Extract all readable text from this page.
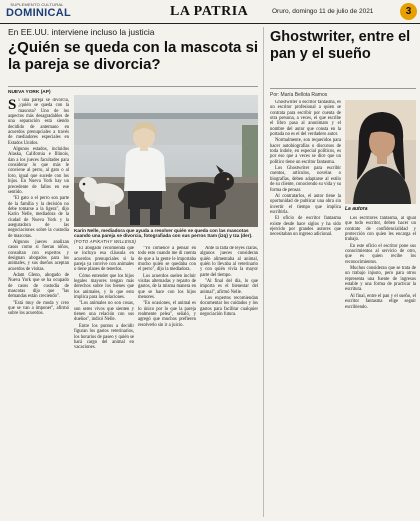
SUPLEMENTO CULTURAL
DOMINICAL	LA PATRIA	Oruro, domingo 11 de julio de 2021	3
En EE.UU. interviene incluso la justicia
¿Quién se queda con la mascota si la pareja se divorcia?
NUEVA YORK (AP)
S i una pareja se divorcia, ¿quién se queda con la mascota? Uno de los aspectos más desagradables de una separación está siendo decidido de antemano en acuerdos prenupciales a través de mediadores especiales en Estados Unidos.

Algunos estados, incluidos Alaska, California e Illinois, dan a los jueces facultades para considerar lo que más le conviene al perro, al gato o al loro, igual que sucede con los hijos. En Nueva York hay un precedente de fallos en ese sentido.

"El gato o el perro son parte de la familia y la decisión no debe tomarse a la ligera", dijo Karin Nelle, mediadora de la ciudad de Nueva York y la aseguradora de las negociaciones sobre la custodia de mascotas.

Algunos jueces analizan casos como si fueran niños, consultan con expertos y designan abogados para los animales, y sus dueños aceptan acuerdos de visitas.

Adam Glenn, abogado de Nueva York que se ha ocupado de casos de custodia de mascotas dijo que "las demandas están creciendo".

"Está muy de moda y creo que se van a imponer", afirmó sobre los acuerdos.

Karin Nelle, mediadora que ayuda a resolver quién se queda con las mascotas cuando una pareja se divorcia, fotografiada con sus perros Sam (izq) y Iza (der). (FOTO AP/KATHY WILLENS)

El abogado recomienda que se incluya esa cláusula en acuerdos prenupciales si la pareja ya convive con animales o tiene planes de tenerlos.

Cómo entender que los hijos legales mayores tengan más derechos sobre los bienes que los animales, y lo que esto implica para las relaciones.

"Los animales no son cosas, son seres vivos que sienten y tienen una relación con sus dueños", indicó Nelle.

Entre los puntos a decidir figuran los gastos veterinarios, los horarios de paseo y quién se hará cargo del animal en vacaciones.

"Yo comencé a pensar en todo esto cuando me di cuenta de que a la gente le importaba mucho quién se quedaba con el perro", dijo la mediadora.

Los acuerdos suelen incluir visitas alternadas y reparto de gastos, de la misma manera en que se hace con los hijos menores.

"En ocasiones, el animal es lo único por lo que la pareja realmente pelea", señaló, y agregó que muchos prefieren resolverlo sin ir a juicio.

Ante la falta de leyes claras, algunos jueces consideran quién alimentaba al animal, quién lo llevaba al veterinario y con quién vivía la mayor parte del tiempo.

"Al final del día, lo que importa es el bienestar del animal", afirmó Nelle.

Los expertos recomiendan documentar los cuidados y los gastos para facilitar cualquier negociación futura.

Ghostwriter, entre el pan y el sueño
Por: María Bellota Ramos

Ghostwriter o escritor fantasma, es un escritor profesional a quien se contrata para escribir por cuenta de otra persona, a veces, el que escribe el libro pasa al anonimato y el nombre del autor que consta en la portada no es el del verdadero autor.

Normalmente, son requeridos para hacer autobiografías o discursos de toda índole, en especial políticos, es por eso que a veces se dice que un político tiene un escritor fantasma.

Los Ghostwriter para escribir cuentos, artículos, novelas o biografías, deben adaptarse al estilo de su cliente, conociendo su vida y su forma de pensar.

Al contratarlos, el autor tiene la oportunidad de publicar una obra sin invertir el tiempo que implica escribirla.

El oficio de escritor fantasma existe desde hace siglos y ha sido ejercido por grandes autores que necesitaban un ingreso adicional.

La autora

Los escritores fantasma, al igual que todo escritor, deben hacer un contrato de confidencialidad y protección con quien les encarga el trabajo.

En este oficio el escritor pone sus conocimientos al servicio de otro, que es quien recibe los reconocimientos.

Muchos consideran que se trata de un trabajo injusto, pero para otros representa una fuente de ingresos estable y una forma de practicar la escritura.

Al final, entre el pan y el sueño, el escritor fantasma elige seguir escribiendo.
